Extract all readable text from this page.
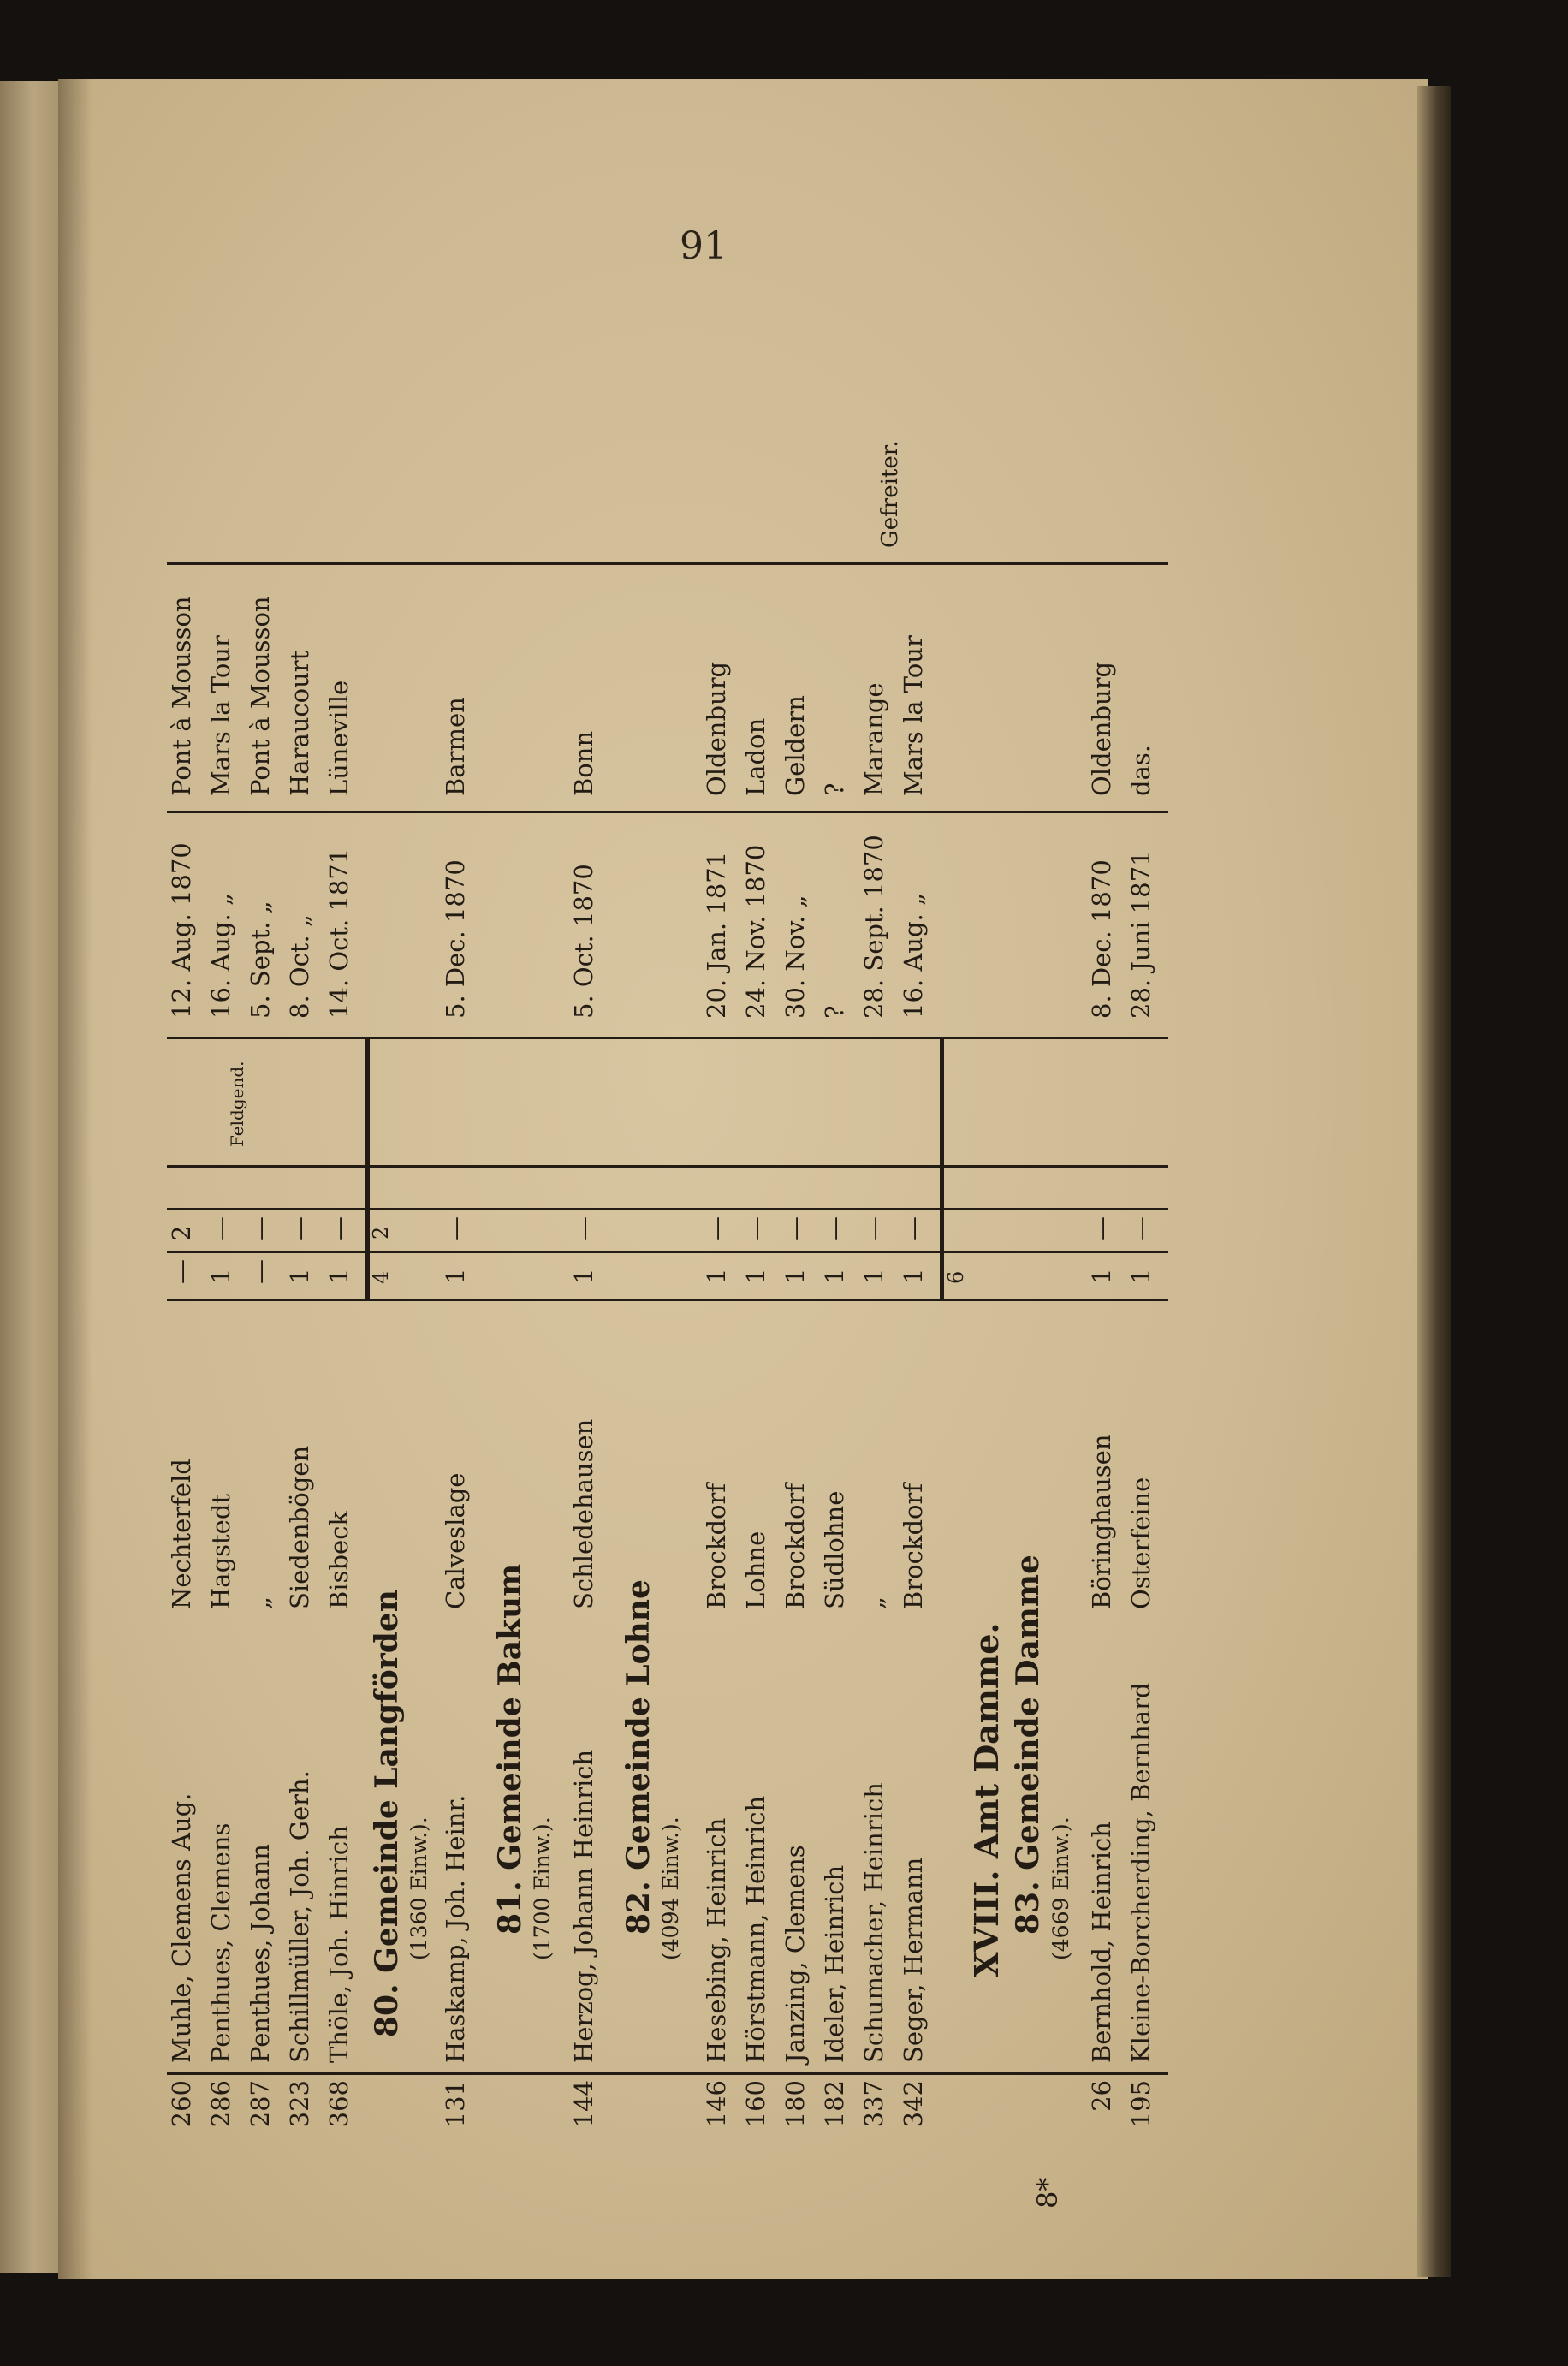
91
260
Muhle, Clemens Aug.
Nechterfeld
—
2
12. Aug. 1870
Pont à Mousson
286
Penthues, Clemens
Hagstedt
1
—
16. Aug. „
Mars la Tour
287
Penthues, Johann
„
—
—
5. Sept. „
Pont à Mousson
323
Schillmüller, Joh. Gerh.
Siedenbögen
1
—
8. Oct. „
Haraucourt
368
Thöle, Joh. Hinrich
Bisbeck
1
—
14. Oct. 1871
Lüneville
Feldgend.
4
2
80. Gemeinde Langförden (1360 Einw.).
131
Haskamp, Joh. Heinr.
Calveslage
1
—
5. Dec. 1870
Barmen
81. Gemeinde Bakum (1700 Einw.).
144
Herzog, Johann Heinrich
Schledehausen
1
—
5. Oct. 1870
Bonn
82. Gemeinde Lohne (4094 Einw.).
146
Hesebing, Heinrich
Brockdorf
1
—
20. Jan. 1871
Oldenburg
160
Hörstmann, Heinrich
Lohne
1
—
24. Nov. 1870
Ladon
180
Janzing, Clemens
Brockdorf
1
—
30. Nov. „
Geldern
182
Ideler, Heinrich
Südlohne
1
—
?
?
337
Schumacher, Heinrich
„
1
—
28. Sept. 1870
Marange
342
Seger, Hermann
Brockdorf
1
—
16. Aug. „
Mars la Tour
Gefreiter.
6
XVIII. Amt Damme. 83. Gemeinde Damme (4669 Einw.).
26
Bernhold, Heinrich
Böringhausen
1
—
8. Dec. 1870
Oldenburg
195
Kleine-Borcherding, Bernhard
Osterfeine
1
—
28. Juni 1871
das.
8*
